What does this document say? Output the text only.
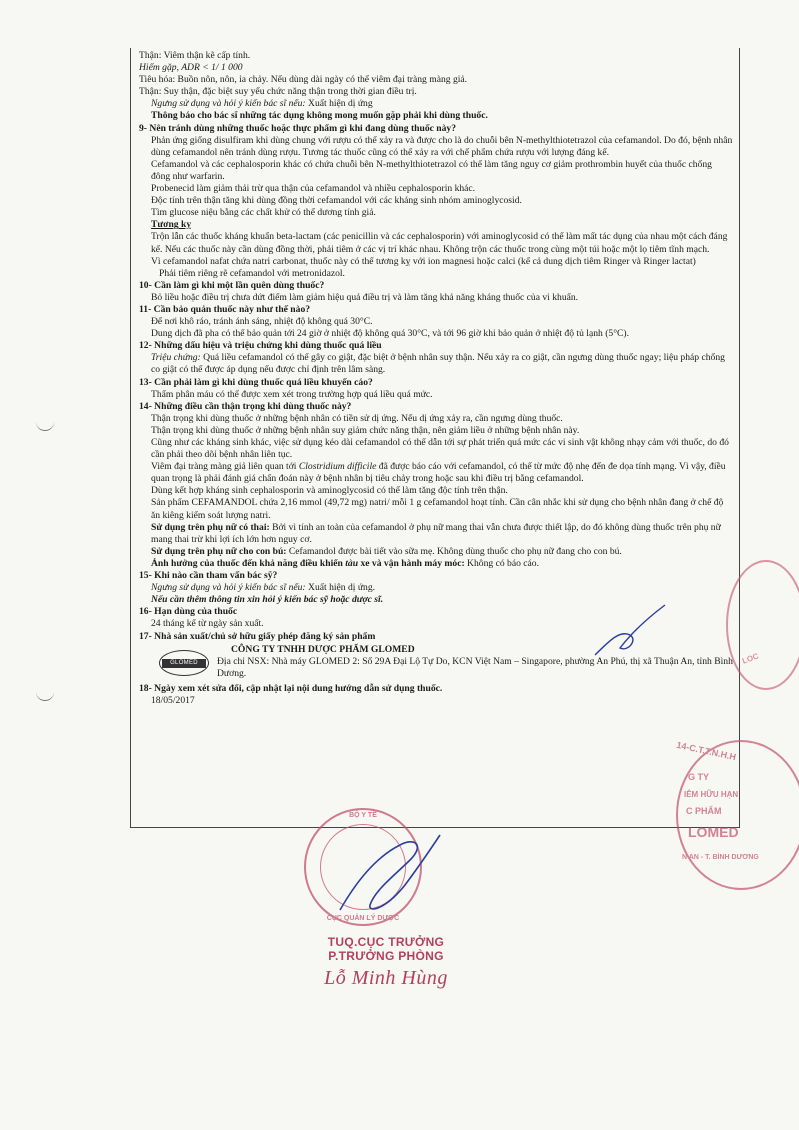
Thận: Viêm thận kẽ cấp tính.

Hiếm gặp, ADR < 1/ 1 000

Tiêu hóa: Buồn nôn, nôn, ỉa chảy. Nếu dùng dài ngày có thể viêm đại tràng màng giả.

Thận: Suy thận, đặc biệt suy yếu chức năng thận trong thời gian điều trị.

Ngưng sử dụng và hỏi ý kiến bác sĩ nếu: Xuất hiện dị ứng

Thông báo cho bác sĩ những tác dụng không mong muốn gặp phải khi dùng thuốc.

9- Nên tránh dùng những thuốc hoặc thực phẩm gì khi đang dùng thuốc này?

Phản ứng giống disulfiram khi dùng chung với rượu có thể xảy ra và được cho là do chuỗi bên N-methylthiotetrazol của cefamandol. Do đó, bệnh nhân dùng cefamandol nên tránh dùng rượu. Tương tác thuốc cũng có thể xảy ra với chế phẩm chứa rượu với lượng đáng kể.

Cefamandol và các cephalosporin khác có chứa chuỗi bên N-methylthiotetrazol có thể làm tăng nguy cơ giảm prothrombin huyết của thuốc chống đông như warfarin.

Probenecid làm giảm thải trừ qua thận của cefamandol và nhiều cephalosporin khác.

Độc tính trên thận tăng khi dùng đồng thời cefamandol với các kháng sinh nhóm aminoglycosid.

Tìm glucose niệu bằng các chất khử có thể dương tính giả.

Tương kỵ

Trộn lẫn các thuốc kháng khuẩn beta-lactam (các penicillin và các cephalosporin) với aminoglycosid có thể làm mất tác dụng của nhau một cách đáng kể. Nếu các thuốc này cần dùng đồng thời, phải tiêm ở các vị trí khác nhau. Không trộn các thuốc trong cùng một túi hoặc một lọ tiêm tĩnh mạch.

Vì cefamandol nafat chứa natri carbonat, thuốc này có thể tương kỵ với ion magnesi hoặc calci (kể cả dung dịch tiêm Ringer và Ringer lactat)

Phải tiêm riêng rẽ cefamandol với metronidazol.

10- Cần làm gì khi một lần quên dùng thuốc?

Bỏ liều hoặc điều trị chưa dứt điểm làm giảm hiệu quả điều trị và làm tăng khả năng kháng thuốc của vi khuẩn.

11- Cần bảo quản thuốc này như thế nào?

Để nơi khô ráo, tránh ánh sáng, nhiệt độ không quá 30°C.

Dung dịch đã pha có thể bảo quản tới 24 giờ ở nhiệt độ không quá 30°C, và tới 96 giờ khi bảo quản ở nhiệt độ tủ lạnh (5°C).

12- Những dấu hiệu và triệu chứng khi dùng thuốc quá liều

Triệu chứng: Quá liều cefamandol có thể gây co giật, đặc biệt ở bệnh nhân suy thận. Nếu xảy ra co giật, cần ngưng dùng thuốc ngay; liệu pháp chống co giật có thể được áp dụng nếu được chỉ định trên lâm sàng.

13- Cần phải làm gì khi dùng thuốc quá liều khuyến cáo?

Thẩm phân máu có thể được xem xét trong trường hợp quá liều quá mức.

14- Những điều cần thận trọng khi dùng thuốc này?

Thận trọng khi dùng thuốc ở những bệnh nhân có tiền sử dị ứng. Nếu dị ứng xảy ra, cần ngưng dùng thuốc.

Thận trọng khi dùng thuốc ở những bệnh nhân suy giảm chức năng thận, nên giảm liều ở những bệnh nhân này.

Cũng như các kháng sinh khác, việc sử dụng kéo dài cefamandol có thể dẫn tới sự phát triển quá mức các vi sinh vật không nhạy cảm với thuốc, do đó cần phải theo dõi bệnh nhân liên tục.

Viêm đại tràng màng giả liên quan tới Clostridium difficile đã được báo cáo với cefamandol, có thể từ mức độ nhẹ đến đe dọa tính mạng. Vì vậy, điều quan trọng là phải đánh giá chẩn đoán này ở bệnh nhân bị tiêu chảy trong hoặc sau khi điều trị bằng cefamandol.

Dùng kết hợp kháng sinh cephalosporin và aminoglycosid có thể làm tăng độc tính trên thận.

Sản phẩm CEFAMANDOL chứa 2,16 mmol (49,72 mg) natri/ mỗi 1 g cefamandol hoạt tính. Cần cân nhắc khi sử dụng cho bệnh nhân đang ở chế độ ăn kiêng kiểm soát lượng natri.

Sử dụng trên phụ nữ có thai: Bởi vì tính an toàn của cefamandol ở phụ nữ mang thai vẫn chưa được thiết lập, do đó không dùng thuốc trên phụ nữ mang thai trừ khi lợi ích lớn hơn nguy cơ.

Sử dụng trên phụ nữ cho con bú: Cefamandol được bài tiết vào sữa mẹ. Không dùng thuốc cho phụ nữ đang cho con bú.

Ảnh hưởng của thuốc đến khả năng điều khiển tàu xe và vận hành máy móc: Không có báo cáo.

15- Khi nào cần tham vấn bác sỹ?

Ngưng sử dụng và hỏi ý kiến bác sĩ nếu: Xuất hiện dị ứng.

Nếu cần thêm thông tin xin hỏi ý kiến bác sỹ hoặc dược sĩ.

16- Hạn dùng của thuốc

24 tháng kể từ ngày sản xuất.

17- Nhà sản xuất/chủ sở hữu giấy phép đăng ký sản phẩm

GLOMED

CÔNG TY TNHH DƯỢC PHẨM GLOMED

Địa chỉ NSX: Nhà máy GLOMED 2: Số 29A Đại Lộ Tự Do, KCN Việt Nam – Singapore, phường An Phú, thị xã Thuận An, tỉnh Bình Dương.

18- Ngày xem xét sửa đổi, cập nhật lại nội dung hướng dẫn sử dụng thuốc.

18/05/2017

LOC
14-C.T.T.N.H.H
G TY
IÊM HỮU HẠN
C PHẨM
LOMED
N AN - T. BÌNH DƯƠNG
BỘ Y TẾ
CỤC QUẢN LÝ DƯỢC
TUQ.CỤC TRƯỞNG
P.TRƯỞNG PHÒNG
Lỗ Minh Hùng
